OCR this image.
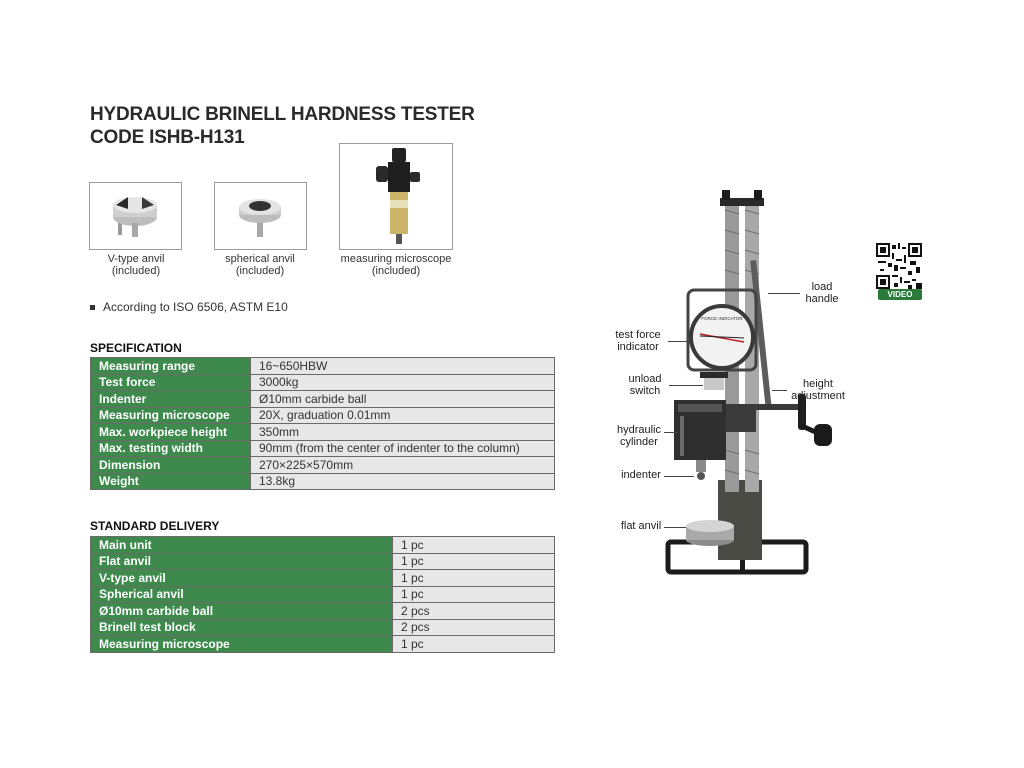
HYDRAULIC BRINELL HARDNESS TESTER
CODE ISHB-H131
V-type anvil
(included)
spherical anvil
(included)
measuring microscope
(included)
According to ISO 6506, ASTM E10
SPECIFICATION
Measuring range	16~650HBW
Test force	3000kg
Indenter	Ø10mm carbide ball
Measuring microscope	20X, graduation 0.01mm
Max. workpiece height	350mm
Max. testing width	90mm (from the center of indenter to the column)
Dimension	270×225×570mm
Weight	13.8kg
STANDARD DELIVERY
Main unit	1 pc
Flat anvil	1 pc
V-type anvil	1 pc
Spherical anvil	1 pc
Ø10mm carbide ball	2 pcs
Brinell test block	2 pcs
Measuring microscope	1 pc
FORCE INDICATOR
load
handle
test force
indicator
unload
switch
height
adjustment
hydraulic
cylinder
indenter
flat anvil
VIDEO
